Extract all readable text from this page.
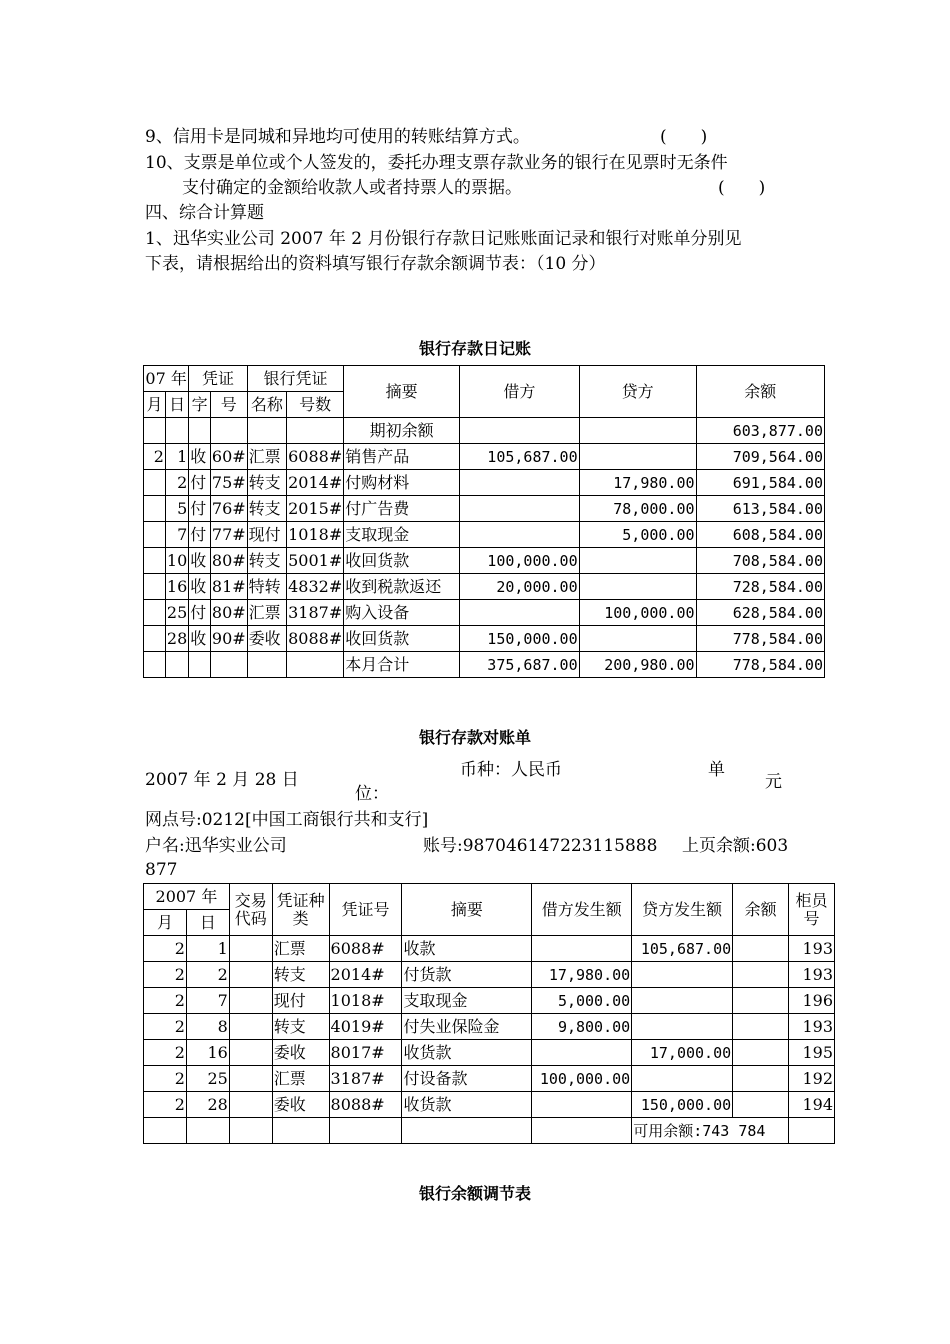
9、信用卡是同城和异地均可使用的转账结算方式。	(　　)
10、支票是单位或个人签发的，委托办理支票存款业务的银行在见票时无条件
支付确定的金额给收款人或者持票人的票据。	(　　)
四、综合计算题
1、迅华实业公司 2007 年 2 月份银行存款日记账账面记录和银行对账单分别见
下表，请根据给出的资料填写银行存款余额调节表：（10 分）
银行存款日记账
07 年		凭证		银行凭证		摘要	借方	贷方	余额
月	日	字	号	名称	号数				
						期初余额			603,877.00
2	1	收	60#	汇票	6088#	销售产品	105,687.00		709,564.00
	2	付	75#	转支	2014#	付购材料		17,980.00	691,584.00
	5	付	76#	转支	2015#	付广告费		78,000.00	613,584.00
	7	付	77#	现付	1018#	支取现金		5,000.00	608,584.00
	10	收	80#	转支	5001#	收回货款	100,000.00		708,584.00
	16	收	81#	特转	4832#	收到税款返还	20,000.00		728,584.00
	25	付	80#	汇票	3187#	购入设备		100,000.00	628,584.00
	28	收	90#	委收	8088#	收回货款	150,000.00		778,584.00
						本月合计	375,687.00	200,980.00	778,584.00
银行存款对账单
2007 年 2 月 28 日	币种：人民币	单
位：
元
网点号:0212[中国工商银行共和支行]
户名:迅华实业公司	账号:987046147223115888 上页余额:603
877
2007 年		交易代码	凭证种类	凭证号	摘要	借方发生额	贷方发生额	余额	柜员号
月	日								
2	1		汇票	6088#	收款		105,687.00		193
2	2		转支	2014#	付货款	17,980.00			193
2	7		现付	1018#	支取现金	5,000.00			196
2	8		转支	4019#	付失业保险金	9,800.00			193
2	16		委收	8017#	收货款		17,000.00		195
2	25		汇票	3187#	付设备款	100,000.00			192
2	28		委收	8088#	收货款		150,000.00		194
							可用余额:743 784		
银行余额调节表
